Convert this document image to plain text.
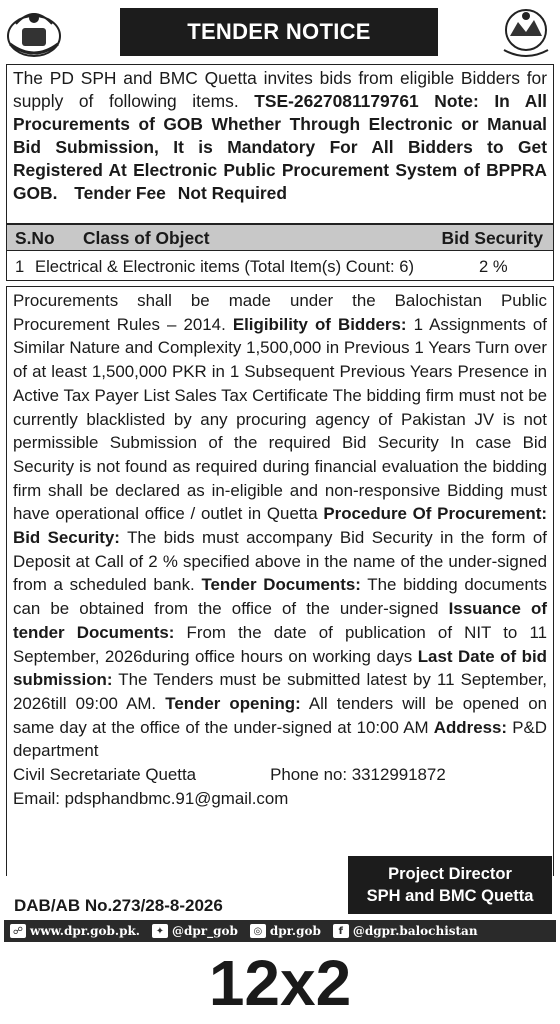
TENDER NOTICE
The PD SPH and BMC Quetta invites bids from eligible Bidders for supply of following items. TSE-2627081179761 Note: In All Procurements of GOB Whether Through Electronic or Manual Bid Submission, It is Mandatory For All Bidders to Get Registered At Electronic Public Procurement System of BPPRA GOB. Tender Fee Not Required
S.No Class of Object	Bid Security
1 Electrical & Electronic items (Total Item(s) Count: 6)	2 %
Procurements shall be made under the Balochistan Public Procurement Rules – 2014. Eligibility of Bidders: 1 Assignments of Similar Nature and Complexity 1,500,000 in Previous 1 Years Turn over of at least 1,500,000 PKR in 1 Subsequent Previous Years Presence in Active Tax Payer List Sales Tax Certificate The bidding firm must not be currently blacklisted by any procuring agency of Pakistan JV is not permissible Submission of the required Bid Security In case Bid Security is not found as required during financial evaluation the bidding firm shall be declared as in-eligible and non-responsive Bidding must have operational office / outlet in Quetta Procedure Of Procurement: Bid Security: The bids must accompany Bid Security in the form of Deposit at Call of 2 % specified above in the name of the under-signed from a scheduled bank. Tender Documents: The bidding documents can be obtained from the office of the under-signed Issuance of tender Documents: From the date of publication of NIT to 11 September, 2026during office hours on working days Last Date of bid submission: The Tenders must be submitted latest by 11 September, 2026till 09:00 AM. Tender opening: All tenders will be opened on same day at the office of the under-signed at 10:00 AM Address: P&D department
Civil Secretariate Quetta	Phone no: 3312991872
Email: pdsphandbmc.91@gmail.com
DAB/AB No.273/28-8-2026
Project Director
SPH and BMC Quetta
☍ www.dpr.gob.pk.	✦ @dpr_gob	◎ dpr.gob	f @dgpr.balochistan
12x2
